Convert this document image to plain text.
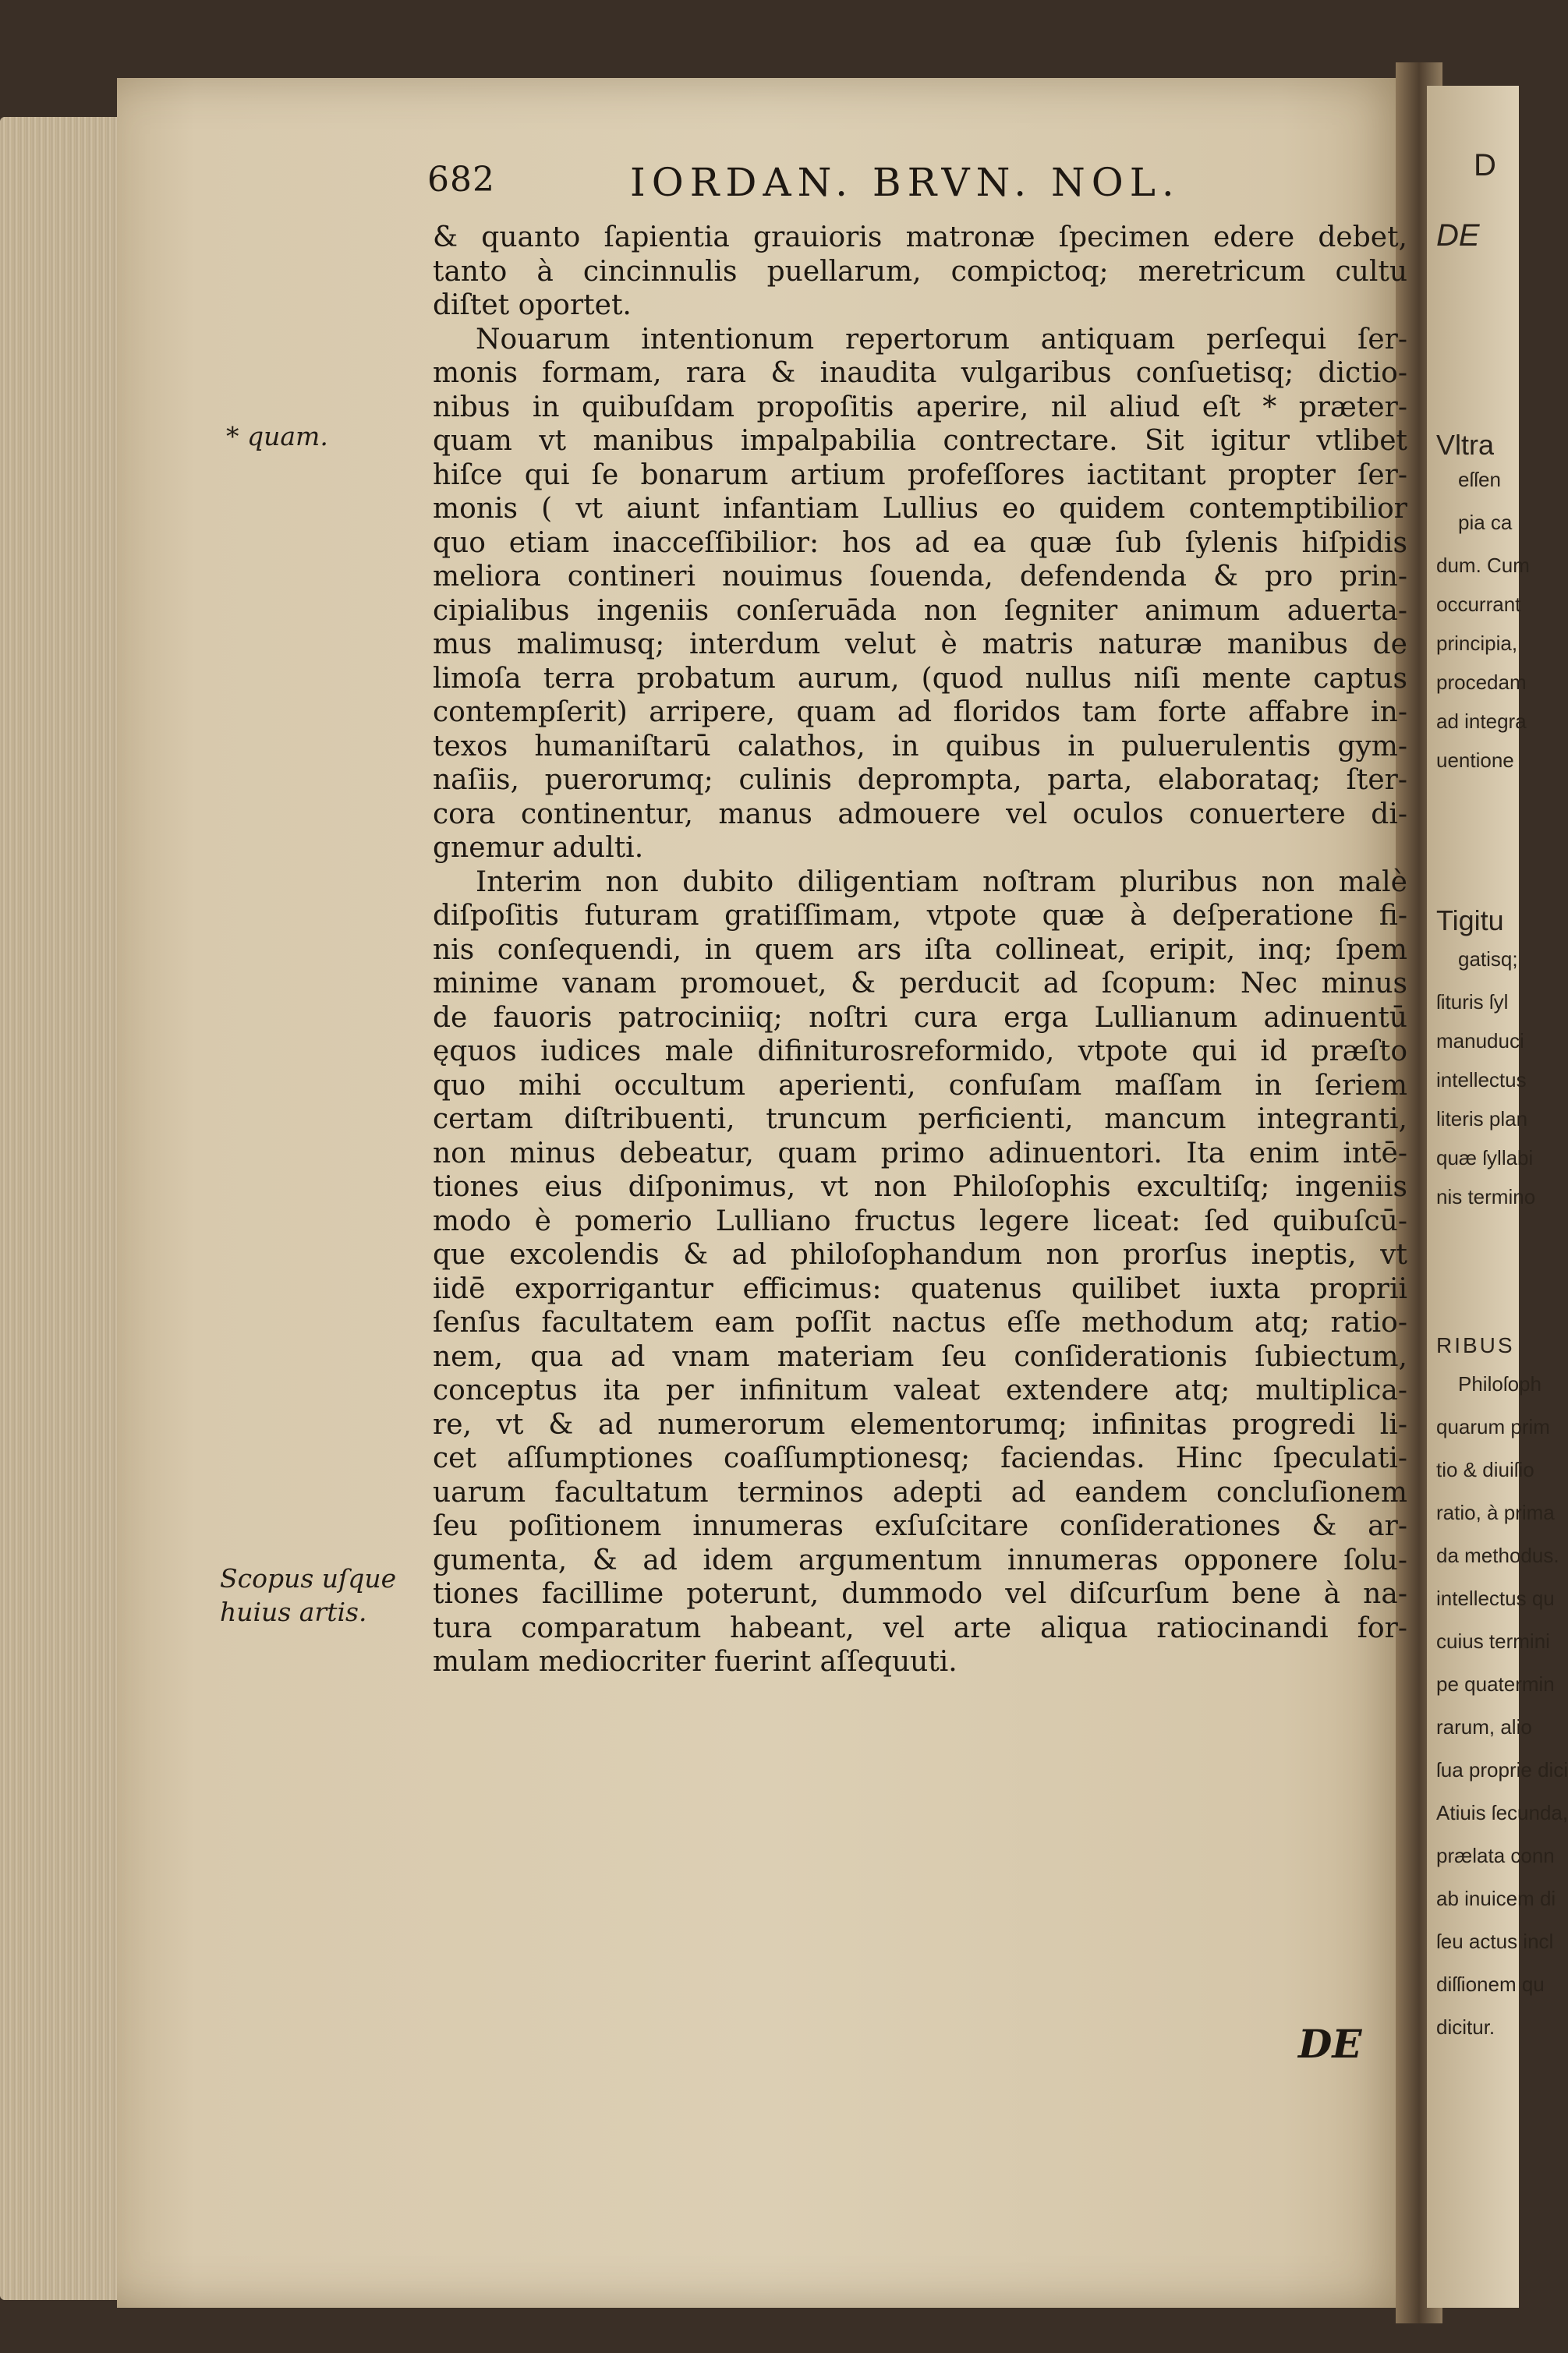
D
DE
Vltra
eſſen
pia ca
dum. Cum
occurrant
principia,
procedam
ad integra
uentione
Tigitu
gatisq;
ſituris ſyl
manuduci
intellectus
literis plan
quæ ſyllabi
nis termino
RIBUS
Philoſoph
quarum prim
tio & diuiſio
ratio, à prima
da methodus.
intellectus qu
cuius termini
pe quatermin
rarum, alio
ſua proprie dici
Atiuis ſecunda,
prælata conn
ab inuicem di
ſeu actus incl
diſſionem qu
dicitur.
682	IORDAN. BRVN. NOL.
* quam.
Scopus uſque
huius artis.
& quanto ſapientia grauioris matronæ ſpecimen edere debet,
tanto à cincinnulis puellarum, compictoq; meretricum cultu
diſtet oportet.
Nouarum intentionum repertorum antiquam perſequi ſer-
monis formam, rara & inaudita vulgaribus conſuetisq; dictio-
nibus in quibuſdam propoſitis aperire, nil aliud eſt * præter-
quam vt manibus impalpabilia contrectare. Sit igitur vtlibet
hiſce qui ſe bonarum artium profeſſores iactitant propter ſer-
monis ( vt aiunt infantiam Lullius eo quidem contemptibilior
quo etiam inacceſſibilior: hos ad ea quæ ſub ſylenis hiſpidis
meliora contineri nouimus ſouenda, defendenda & pro prin-
cipialibus ingeniis conſeruāda non ſegniter animum aduerta-
mus malimusq; interdum velut è matris naturæ manibus de
limoſa terra probatum aurum, (quod nullus niſi mente captus
contempſerit) arripere, quam ad floridos tam forte affabre in-
texos humaniſtarū calathos, in quibus in puluerulentis gym-
naſiis, puerorumq; culinis deprompta, parta, elaborataq; ſter-
cora continentur, manus admouere vel oculos conuertere di-
gnemur adulti.
Interim non dubito diligentiam noſtram pluribus non malè
diſpoſitis futuram gratiſſimam, vtpote quæ à deſperatione fi-
nis conſequendi, in quem ars iſta collineat, eripit, inq; ſpem
minime vanam promouet, & perducit ad ſcopum: Nec minus
de fauoris patrociniiq; noſtri cura erga Lullianum adinuentū
ęquos iudices male difiniturosreformido, vtpote qui id præſto
quo mihi occultum aperienti, confuſam maſſam in ſeriem
certam diſtribuenti, truncum perficienti, mancum integranti,
non minus debeatur, quam primo adinuentori. Ita enim intē-
tiones eius diſponimus, vt non Philoſophis excultiſq; ingeniis
modo è pomerio Lulliano fructus legere liceat: ſed quibuſcū-
que excolendis & ad philoſophandum non prorſus ineptis, vt
iidē exporrigantur efficimus: quatenus quilibet iuxta proprii
ſenſus facultatem eam poſſit nactus eſſe methodum atq; ratio-
nem, qua ad vnam materiam ſeu conſiderationis ſubiectum,
conceptus ita per infinitum valeat extendere atq; multiplica-
re, vt & ad numerorum elementorumq; infinitas progredi li-
cet aſſumptiones coaſſumptionesq; faciendas. Hinc ſpeculati-
uarum facultatum terminos adepti ad eandem concluſionem
ſeu poſitionem innumeras exſuſcitare conſiderationes & ar-
gumenta, & ad idem argumentum innumeras opponere ſolu-
tiones facillime poterunt, dummodo vel diſcurſum bene à na-
tura comparatum habeant, vel arte aliqua ratiocinandi for-
mulam mediocriter fuerint aſſequuti.
DE
